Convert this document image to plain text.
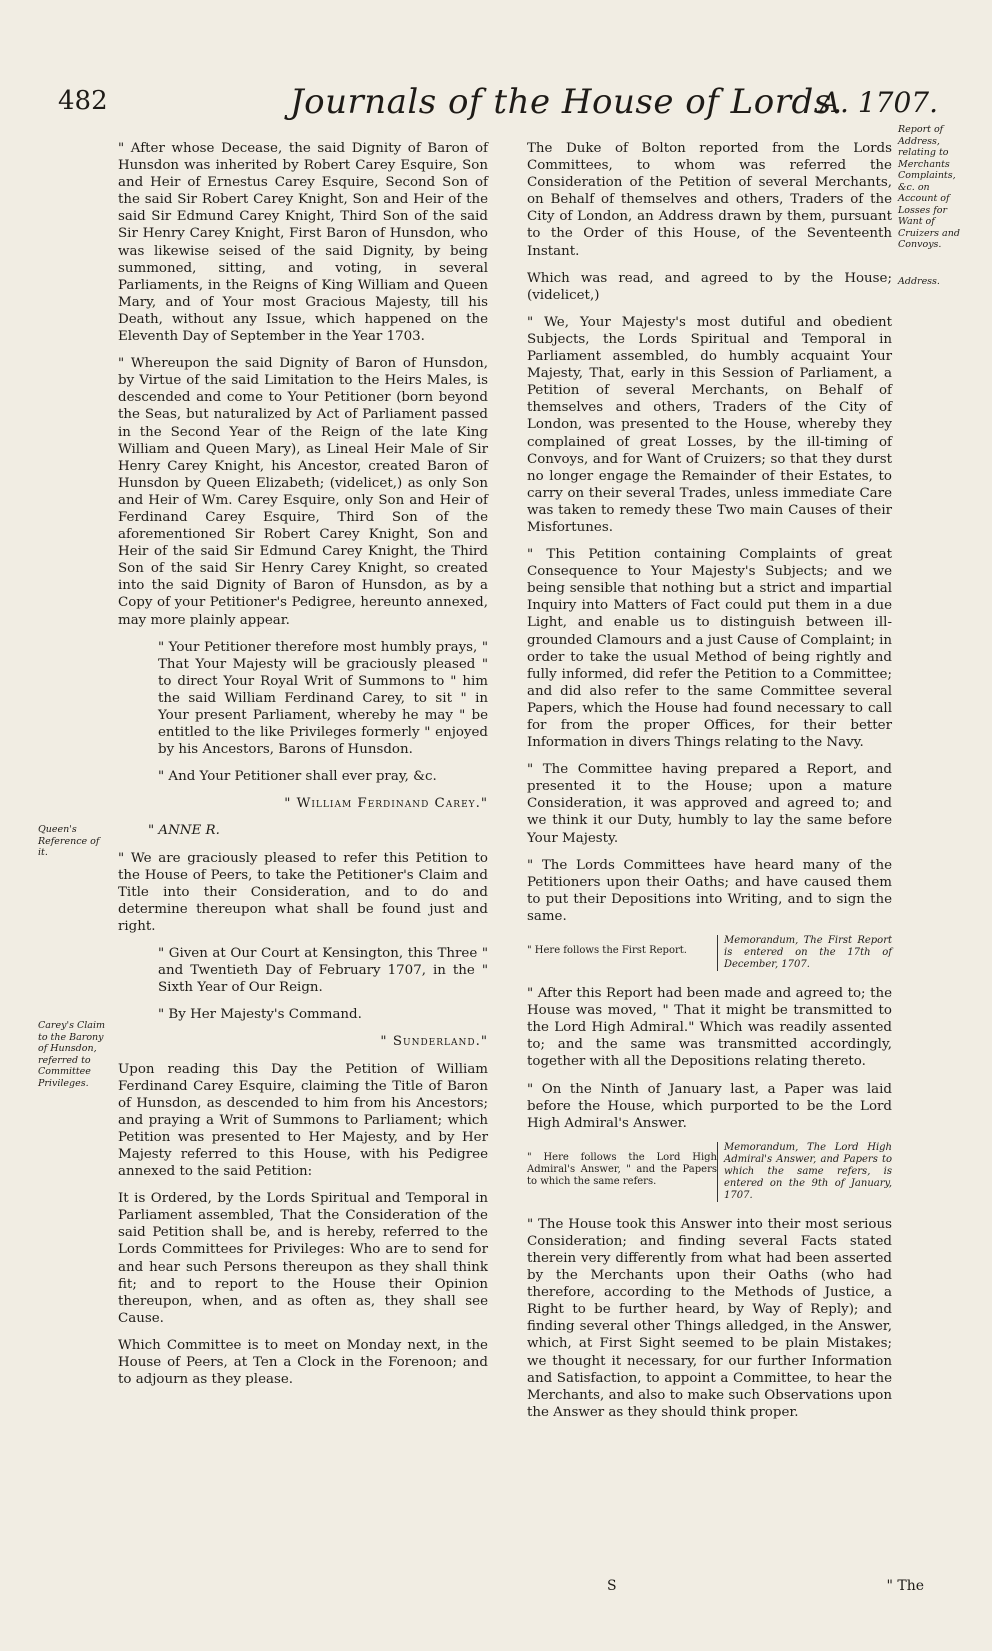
482	Journals of the House of Lords.
A. 1707.

" After whose Decease, the said Dignity of Baron of Hunsdon was inherited by Robert Carey Esquire, Son and Heir of Ernestus Carey Esquire, Second Son of the said Sir Robert Carey Knight, Son and Heir of the said Sir Edmund Carey Knight, Third Son of the said Sir Henry Carey Knight, First Baron of Hunsdon, who was likewise seised of the said Dignity, by being summoned, sitting, and voting, in several Parliaments, in the Reigns of King William and Queen Mary, and of Your most Gracious Majesty, till his Death, without any Issue, which happened on the Eleventh Day of September in the Year 1703.

" Whereupon the said Dignity of Baron of Hunsdon, by Virtue of the said Limitation to the Heirs Males, is descended and come to Your Petitioner (born beyond the Seas, but naturalized by Act of Parliament passed in the Second Year of the Reign of the late King William and Queen Mary), as Lineal Heir Male of Sir Henry Carey Knight, his Ancestor, created Baron of Hunsdon by Queen Elizabeth; (videlicet,) as only Son and Heir of Wm. Carey Esquire, only Son and Heir of Ferdinand Carey Esquire, Third Son of the aforementioned Sir Robert Carey Knight, Son and Heir of the said Sir Edmund Carey Knight, the Third Son of the said Sir Henry Carey Knight, so created into the said Dignity of Baron of Hunsdon, as by a Copy of your Petitioner's Pedigree, hereunto annexed, may more plainly appear.

" Your Petitioner therefore most humbly prays, " That Your Majesty will be graciously pleased " to direct Your Royal Writ of Summons to " him the said William Ferdinand Carey, to sit " in Your present Parliament, whereby he may " be entitled to the like Privileges formerly " enjoyed by his Ancestors, Barons of Hunsdon.

" And Your Petitioner shall ever pray, &c.

" William Ferdinand Carey."

" ANNE R.

" We are graciously pleased to refer this Petition to the House of Peers, to take the Petitioner's Claim and Title into their Consideration, and to do and determine thereupon what shall be found just and right.

" Given at Our Court at Kensington, this Three " and Twentieth Day of February 1707, in the " Sixth Year of Our Reign.

" By Her Majesty's Command.

" Sunderland."

Upon reading this Day the Petition of William Ferdinand Carey Esquire, claiming the Title of Baron of Hunsdon, as descended to him from his Ancestors; and praying a Writ of Summons to Parliament; which Petition was presented to Her Majesty, and by Her Majesty referred to this House, with his Pedigree annexed to the said Petition:

It is Ordered, by the Lords Spiritual and Temporal in Parliament assembled, That the Consideration of the said Petition shall be, and is hereby, referred to the Lords Committees for Privileges: Who are to send for and hear such Persons thereupon as they shall think fit; and to report to the House their Opinion thereupon, when, and as often as, they shall see Cause.

Which Committee is to meet on Monday next, in the House of Peers, at Ten a Clock in the Forenoon; and to adjourn as they please.

The Duke of Bolton reported from the Lords Committees, to whom was referred the Consideration of the Petition of several Merchants, on Behalf of themselves and others, Traders of the City of London, an Address drawn by them, pursuant to the Order of this House, of the Seventeenth Instant.

Which was read, and agreed to by the House; (videlicet,)

" We, Your Majesty's most dutiful and obedient Subjects, the Lords Spiritual and Temporal in Parliament assembled, do humbly acquaint Your Majesty, That, early in this Session of Parliament, a Petition of several Merchants, on Behalf of themselves and others, Traders of the City of London, was presented to the House, whereby they complained of great Losses, by the ill-timing of Convoys, and for Want of Cruizers; so that they durst no longer engage the Remainder of their Estates, to carry on their several Trades, unless immediate Care was taken to remedy these Two main Causes of their Misfortunes.

" This Petition containing Complaints of great Consequence to Your Majesty's Subjects; and we being sensible that nothing but a strict and impartial Inquiry into Matters of Fact could put them in a due Light, and enable us to distinguish between ill-grounded Clamours and a just Cause of Complaint; in order to take the usual Method of being rightly and fully informed, did refer the Petition to a Committee; and did also refer to the same Committee several Papers, which the House had found necessary to call for from the proper Offices, for their better Information in divers Things relating to the Navy.

" The Committee having prepared a Report, and presented it to the House; upon a mature Consideration, it was approved and agreed to; and we think it our Duty, humbly to lay the same before Your Majesty.

" The Lords Committees have heard many of the Petitioners upon their Oaths; and have caused them to put their Depositions into Writing, and to sign the same.

" Here follows the First Report.
Memorandum, The First Report is entered on the 17th of December, 1707.

" After this Report had been made and agreed to; the House was moved, " That it might be transmitted to the Lord High Admiral." Which was readily assented to; and the same was transmitted accordingly, together with all the Depositions relating thereto.

" On the Ninth of January last, a Paper was laid before the House, which purported to be the Lord High Admiral's Answer.

" Here follows the Lord High Admiral's Answer, " and the Papers to which the same refers.
Memorandum, The Lord High Admiral's Answer, and Papers to which the same refers, is entered on the 9th of January, 1707.

" The House took this Answer into their most serious Consideration; and finding several Facts stated therein very differently from what had been asserted by the Merchants upon their Oaths (who had therefore, according to the Methods of Justice, a Right to be further heard, by Way of Reply); and finding several other Things alledged, in the Answer, which, at First Sight seemed to be plain Mistakes; we thought it necessary, for our further Information and Satisfaction, to appoint a Committee, to hear the Merchants, and also to make such Observations upon the Answer as they should think proper.

Queen's Reference of it.
Carey's Claim to the Barony of Hunsdon, referred to Committee Privileges.
Report of Address, relating to Merchants Complaints, &c. on Account of Losses for Want of Cruizers and Convoys.
Address.
S	" The
